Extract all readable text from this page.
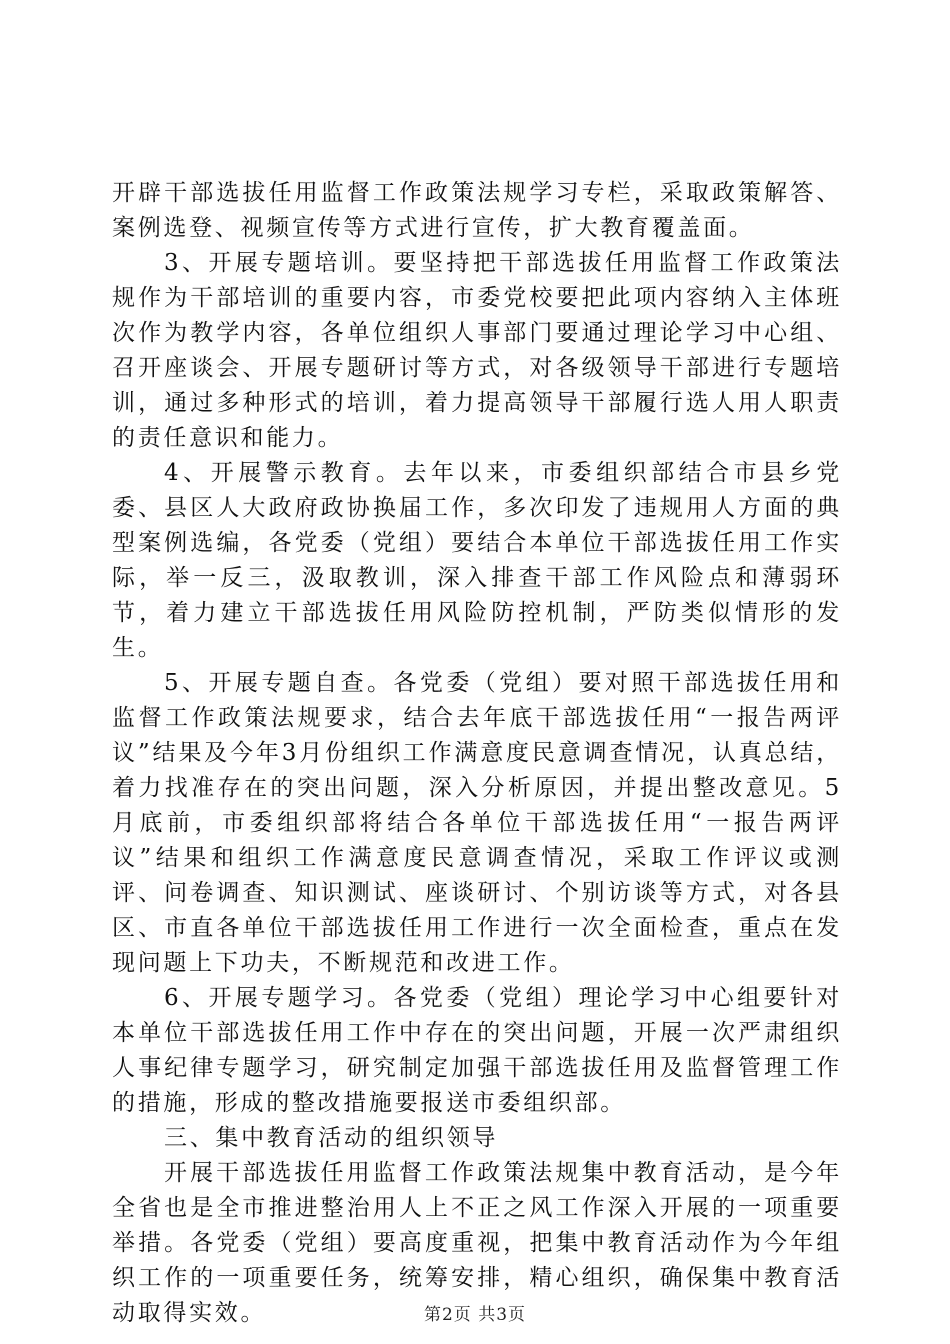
开辟干部选拔任用监督工作政策法规学习专栏，采取政策解答、案例选登、视频宣传等方式进行宣传，扩大教育覆盖面。

3、开展专题培训。要坚持把干部选拔任用监督工作政策法规作为干部培训的重要内容，市委党校要把此项内容纳入主体班次作为教学内容，各单位组织人事部门要通过理论学习中心组、召开座谈会、开展专题研讨等方式，对各级领导干部进行专题培训，通过多种形式的培训，着力提高领导干部履行选人用人职责的责任意识和能力。

4、开展警示教育。去年以来，市委组织部结合市县乡党委、县区人大政府政协换届工作，多次印发了违规用人方面的典型案例选编，各党委（党组）要结合本单位干部选拔任用工作实际，举一反三，汲取教训，深入排查干部工作风险点和薄弱环节，着力建立干部选拔任用风险防控机制，严防类似情形的发生。

5、开展专题自查。各党委（党组）要对照干部选拔任用和监督工作政策法规要求，结合去年底干部选拔任用“一报告两评议”结果及今年3月份组织工作满意度民意调查情况，认真总结，着力找准存在的突出问题，深入分析原因，并提出整改意见。5月底前，市委组织部将结合各单位干部选拔任用“一报告两评议”结果和组织工作满意度民意调查情况，采取工作评议或测评、问卷调查、知识测试、座谈研讨、个别访谈等方式，对各县区、市直各单位干部选拔任用工作进行一次全面检查，重点在发现问题上下功夫，不断规范和改进工作。

6、开展专题学习。各党委（党组）理论学习中心组要针对本单位干部选拔任用工作中存在的突出问题，开展一次严肃组织人事纪律专题学习，研究制定加强干部选拔任用及监督管理工作的措施，形成的整改措施要报送市委组织部。

三、集中教育活动的组织领导

开展干部选拔任用监督工作政策法规集中教育活动，是今年全省也是全市推进整治用人上不正之风工作深入开展的一项重要举措。各党委（党组）要高度重视，把集中教育活动作为今年组织工作的一项重要任务，统筹安排，精心组织，确保集中教育活动取得实效。	第2页 共3页
